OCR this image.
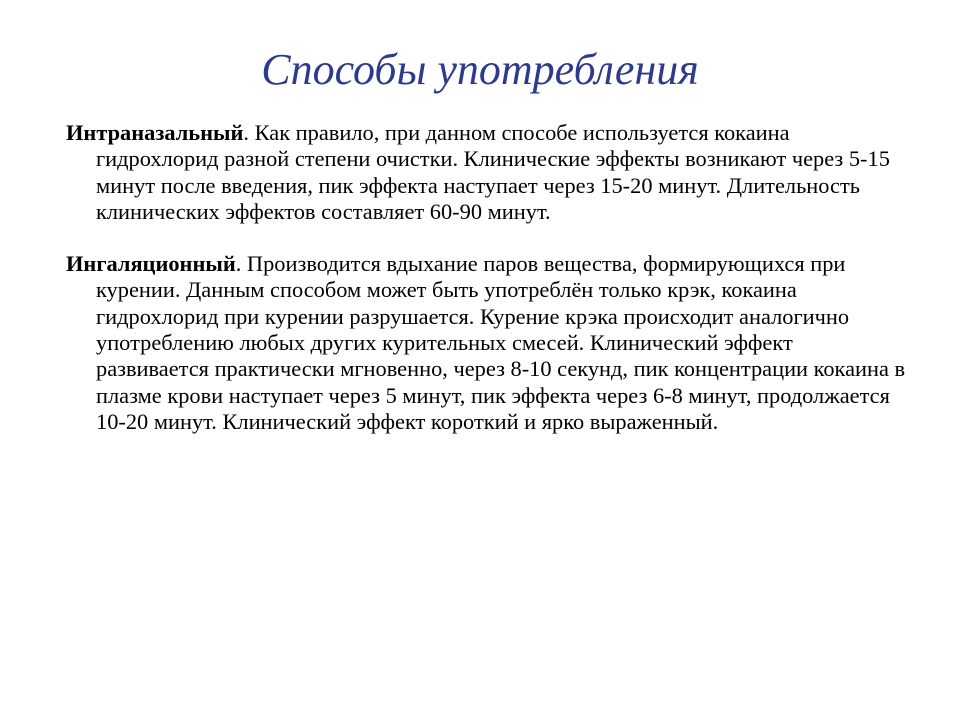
Способы употребления

Интраназальный. Как правило, при данном способе используется кокаина гидрохлорид разной степени очистки. Клинические эффекты возникают через 5-15 минут после введения, пик эффекта наступает через 15-20 минут. Длительность клинических эффектов составляет 60-90 минут.

Ингаляционный. Производится вдыхание паров вещества, формирующихся при курении. Данным способом может быть употреблён только крэк, кокаина гидрохлорид при курении разрушается. Курение крэка происходит аналогично употреблению любых других курительных смесей. Клинический эффект развивается практически мгновенно, через 8-10 секунд, пик концентрации кокаина в плазме крови наступает через 5 минут, пик эффекта через 6-8 минут, продолжается 10-20 минут. Клинический эффект короткий и ярко выраженный.
